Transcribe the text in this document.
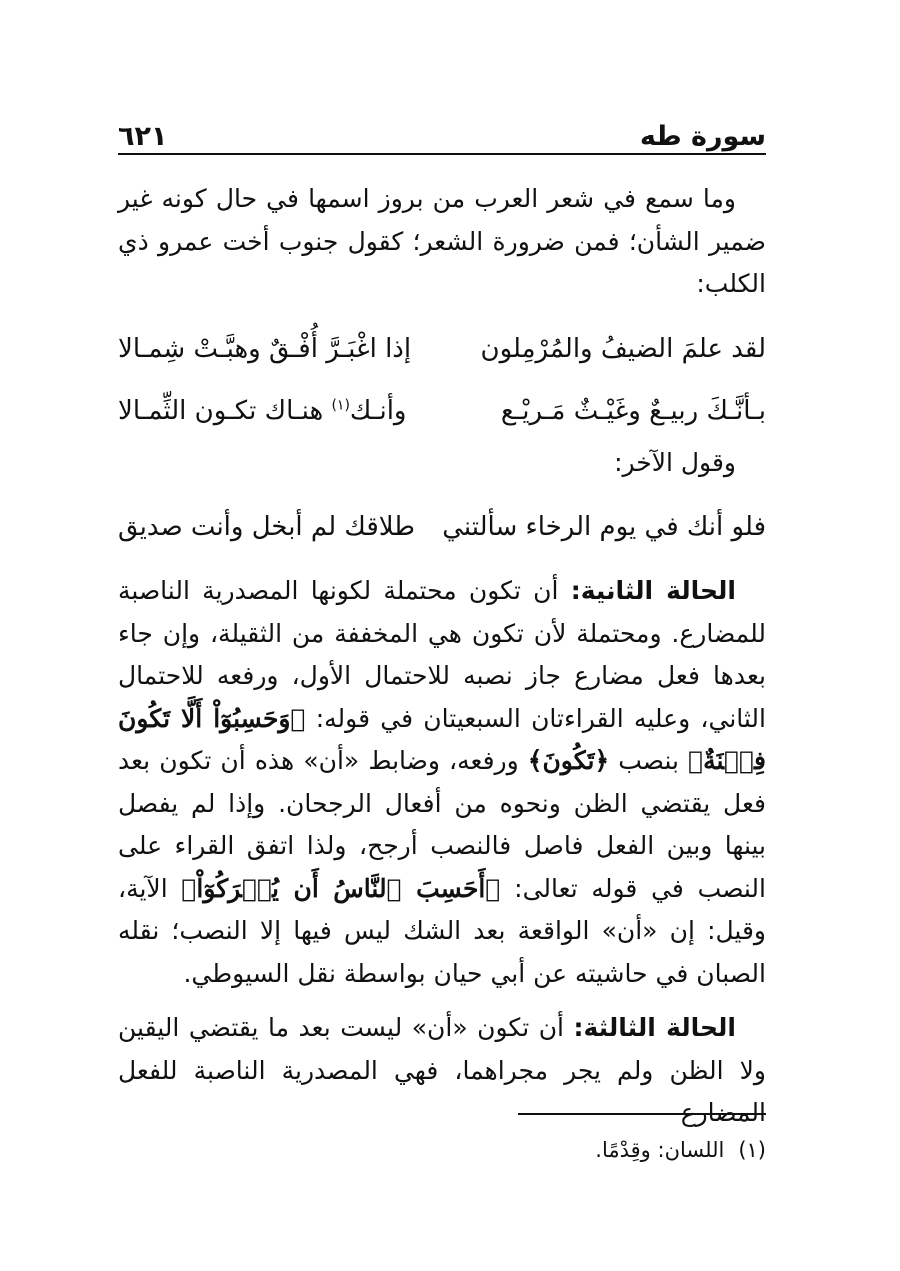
سورة طه
٦٢١

وما سمع في شعر العرب من بروز اسمها في حال كونه غير ضمير الشأن؛ فمن ضرورة الشعر؛ كقول جنوب أخت عمرو ذي الكلب:

لقد علمَ الضيفُ والمُرْمِلون
إذا اغْبَـرَّ أُفْـقٌ وهبَّـتْ شِمـالا
بـأنَّـكَ ربيـعٌ وغَيْـثٌ مَـريْـع
وأنـك$^{(١)}$ هنـاك تكـون الثِّمـالا

وقول الآخر:

فلو أنك في يوم الرخاء سألتني
طلاقك لم أبخل وأنت صديق

الحالة الثانية: أن تكون محتملة لكونها المصدرية الناصبة للمضارع. ومحتملة لأن تكون هي المخففة من الثقيلة، وإن جاء بعدها فعل مضارع جاز نصبه للاحتمال الأول، ورفعه للاحتمال الثاني، وعليه القراءتان السبعيتان في قوله: ﴿وَحَسِبُوٓاْ أَلَّا تَكُونَ فِتۡنَةٌ﴾ بنصب ﴿تَكُونَ﴾ ورفعه، وضابط «أن» هذه أن تكون بعد فعل يقتضي الظن ونحوه من أفعال الرجحان. وإذا لم يفصل بينها وبين الفعل فاصل فالنصب أرجح، ولذا اتفق القراء على النصب في قوله تعالى: ﴿أَحَسِبَ ٱلنَّاسُ أَن يُتۡرَكُوٓاْ﴾ الآية، وقيل: إن «أن» الواقعة بعد الشك ليس فيها إلا النصب؛ نقله الصبان في حاشيته عن أبي حيان بواسطة نقل السيوطي.

الحالة الثالثة: أن تكون «أن» ليست بعد ما يقتضي اليقين ولا الظن ولم يجر مجراهما، فهي المصدرية الناصبة للفعل المضارع

(١)اللسان: وقِدْمًا.
